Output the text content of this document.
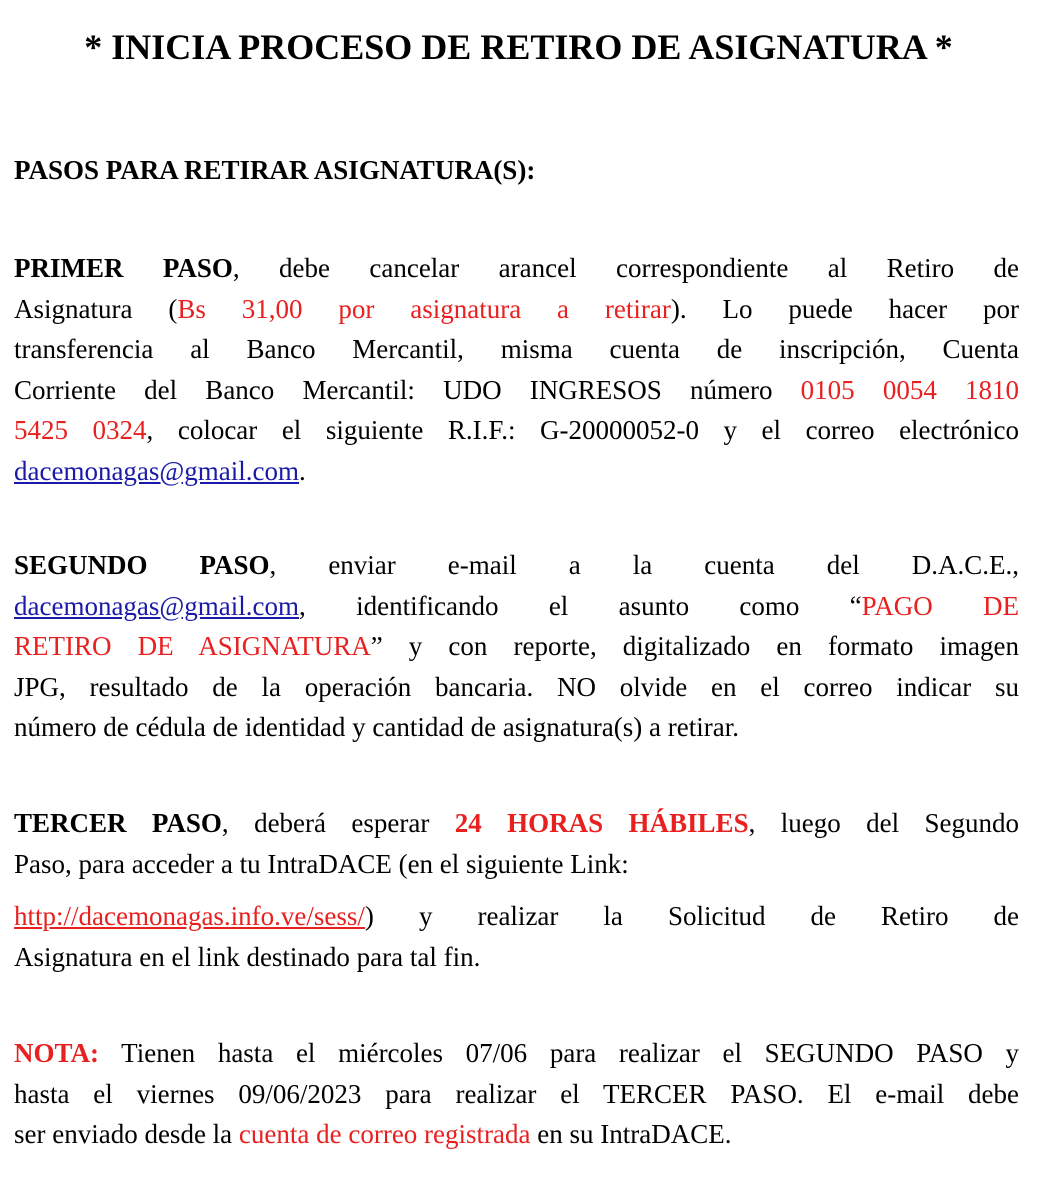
* INICIA PROCESO DE RETIRO DE ASIGNATURA *
PASOS PARA RETIRAR ASIGNATURA(S):
PRIMER PASO, debe cancelar arancel correspondiente al Retiro de
Asignatura (Bs 31,00 por asignatura a retirar). Lo puede hacer por
transferencia al Banco Mercantil, misma cuenta de inscripción, Cuenta
Corriente del Banco Mercantil: UDO INGRESOS número 0105 0054 1810
5425 0324, colocar el siguiente R.I.F.: G-20000052-0 y el correo electrónico
dacemonagas@gmail.com.
SEGUNDO PASO, enviar e-mail a la cuenta del D.A.C.E.,
dacemonagas@gmail.com, identificando el asunto como “PAGO DE
RETIRO DE ASIGNATURA” y con reporte, digitalizado en formato imagen
JPG, resultado de la operación bancaria. NO olvide en el correo indicar su
número de cédula de identidad y cantidad de asignatura(s) a retirar.
TERCER PASO, deberá esperar 24 HORAS HÁBILES, luego del Segundo
Paso, para acceder a tu IntraDACE (en el siguiente Link:
http://dacemonagas.info.ve/sess/) y realizar la Solicitud de Retiro de
Asignatura en el link destinado para tal fin.
NOTA: Tienen hasta el miércoles 07/06 para realizar el SEGUNDO PASO y
hasta el viernes 09/06/2023 para realizar el TERCER PASO. El e-mail debe
ser enviado desde la cuenta de correo registrada en su IntraDACE.
